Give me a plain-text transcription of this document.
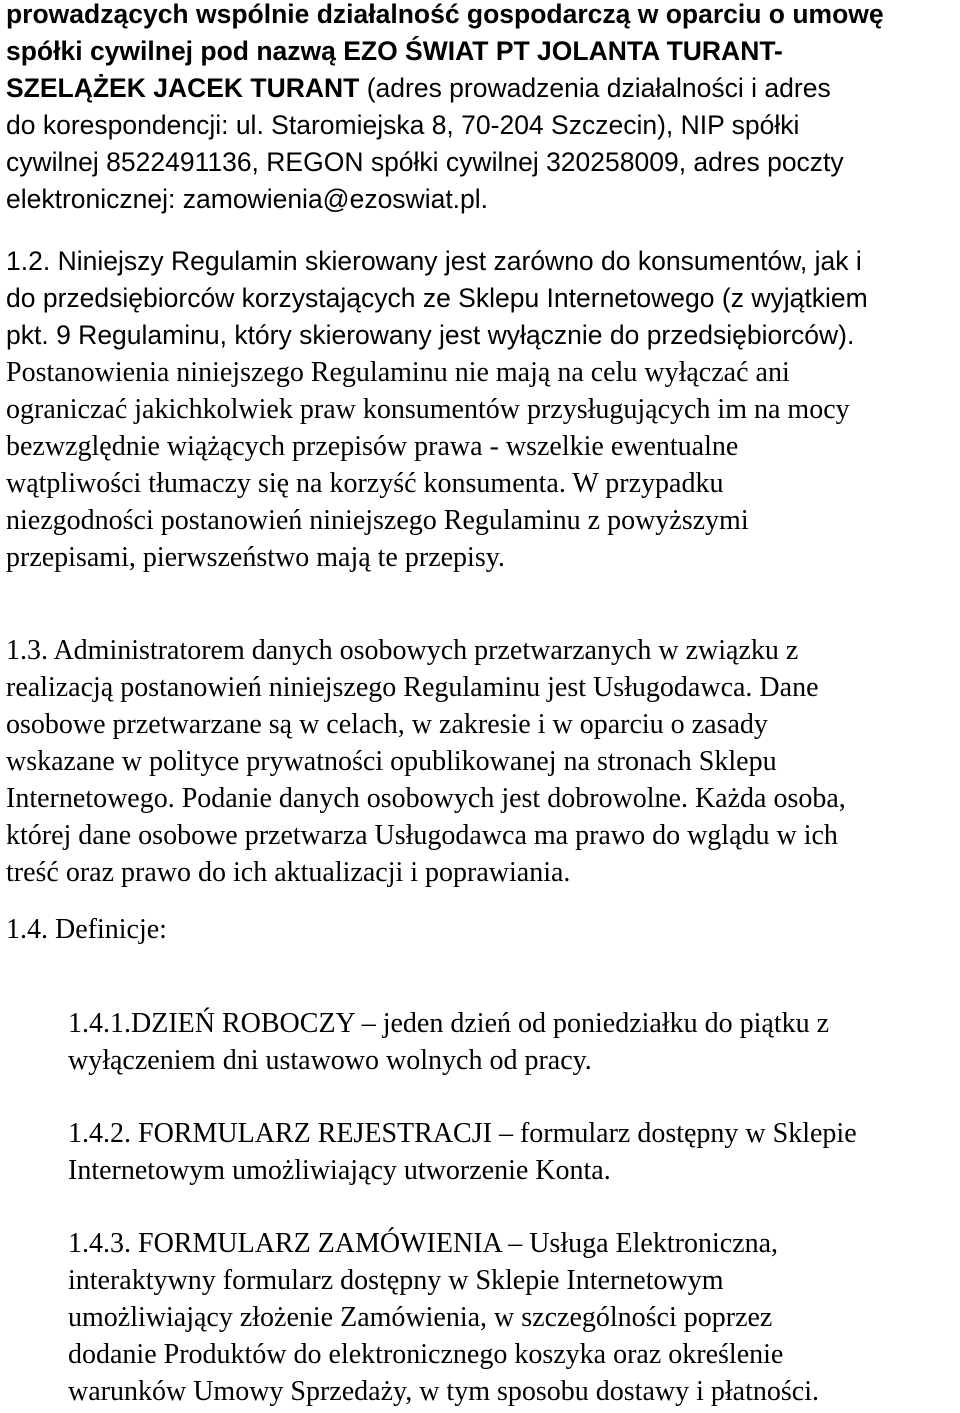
prowadzących wspólnie działalność gospodarczą w oparciu o umowę
spółki cywilnej pod nazwą EZO ŚWIAT PT JOLANTA TURANT-
SZELĄŻEK JACEK TURANT (adres prowadzenia działalności i adres
do korespondencji: ul. Staromiejska 8, 70-204 Szczecin), NIP spółki
cywilnej 8522491136, REGON spółki cywilnej 320258009, adres poczty
elektronicznej: zamowienia@ezoswiat.pl.

1.2. Niniejszy Regulamin skierowany jest zarówno do konsumentów, jak i
do przedsiębiorców korzystających ze Sklepu Internetowego (z wyjątkiem
pkt. 9 Regulaminu, który skierowany jest wyłącznie do przedsiębiorców).
Postanowienia niniejszego Regulaminu nie mają na celu wyłączać ani
ograniczać jakichkolwiek praw konsumentów przysługujących im na mocy
bezwzględnie wiążących przepisów prawa - wszelkie ewentualne
wątpliwości tłumaczy się na korzyść konsumenta. W przypadku
niezgodności postanowień niniejszego Regulaminu z powyższymi
przepisami, pierwszeństwo mają te przepisy.

1.3. Administratorem danych osobowych przetwarzanych w związku z
realizacją postanowień niniejszego Regulaminu jest Usługodawca. Dane
osobowe przetwarzane są w celach, w zakresie i w oparciu o zasady
wskazane w polityce prywatności opublikowanej na stronach Sklepu
Internetowego. Podanie danych osobowych jest dobrowolne. Każda osoba,
której dane osobowe przetwarza Usługodawca ma prawo do wglądu w ich
treść oraz prawo do ich aktualizacji i poprawiania.

1.4. Definicje:

1.4.1.DZIEŃ ROBOCZY – jeden dzień od poniedziałku do piątku z
wyłączeniem dni ustawowo wolnych od pracy.

1.4.2. FORMULARZ REJESTRACJI – formularz dostępny w Sklepie
Internetowym umożliwiający utworzenie Konta.

1.4.3. FORMULARZ ZAMÓWIENIA – Usługa Elektroniczna,
interaktywny formularz dostępny w Sklepie Internetowym
umożliwiający złożenie Zamówienia, w szczególności poprzez
dodanie Produktów do elektronicznego koszyka oraz określenie
warunków Umowy Sprzedaży, w tym sposobu dostawy i płatności.
